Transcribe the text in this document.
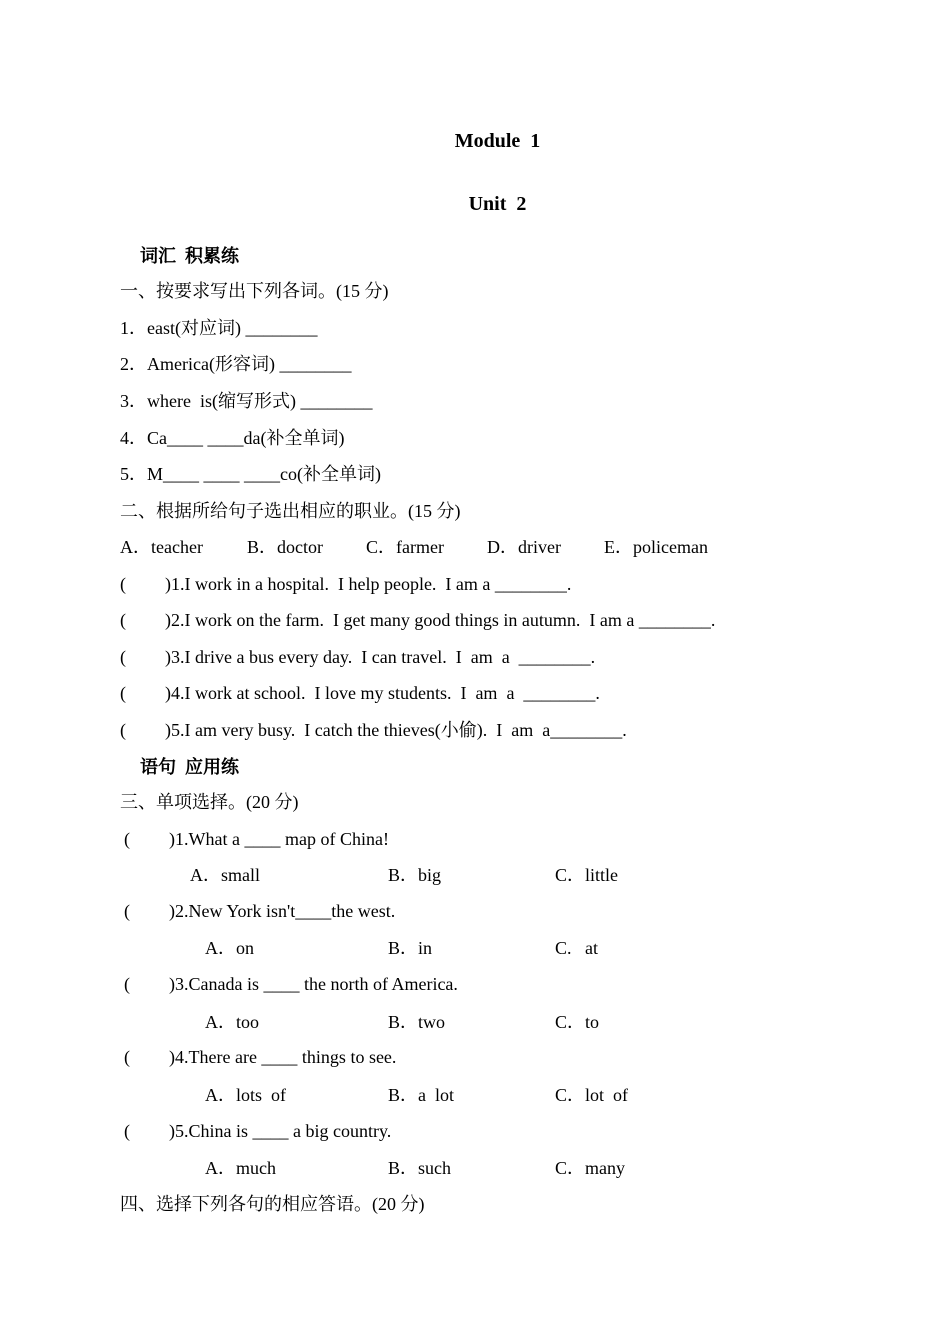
Module  1
Unit  2
词汇  积累练
一、按要求写出下列各词。(15 分)
1．east(对应词) ________
2．America(形容词) ________
3．where  is(缩写形式) ________
4．Ca____ ____da(补全单词)
5．M____ ____ ____co(补全单词)
二、根据所给句子选出相应的职业。(15 分)
A．teacher B．doctor C．farmer D．driver E．policeman
( )1.I work in a hospital.  I help people.  I am a ________.
( )2.I work on the farm.  I get many good things in autumn.  I am a ________.
( )3.I drive a bus every day.  I can travel.  I  am  a  ________.
( )4.I work at school.  I love my students.  I  am  a  ________.
( )5.I am very busy.  I catch the thieves(小偷).  I  am  a________.
语句  应用练
三、单项选择。(20 分)
( )1.What a ____ map of China!
A．small	B．big	C．little
( )2.New York isn't____the west.
A．on	B．in	C.   at
( )3.Canada is ____ the north of America.
A．too	B．two	C．to
( )4.There are ____ things to see.
A．lots  of	B．a  lot	C．lot  of
( )5.China is ____ a big country.
A．much	B．such	C．many
四、选择下列各句的相应答语。(20 分)
